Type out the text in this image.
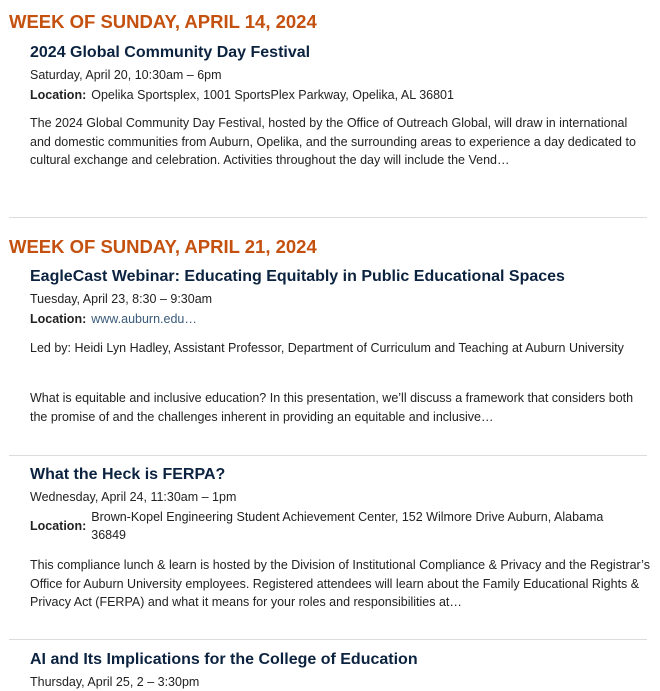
WEEK OF SUNDAY, APRIL 14, 2024
2024 Global Community Day Festival
Saturday, April 20, 10:30am – 6pm
Location: Opelika Sportsplex, 1001 SportsPlex Parkway, Opelika, AL 36801

The 2024 Global Community Day Festival, hosted by the Office of Outreach Global, will draw in international and domestic communities from Auburn, Opelika, and the surrounding areas to experience a day dedicated to cultural exchange and celebration. Activities throughout the day will include the Vend…

WEEK OF SUNDAY, APRIL 21, 2024
EagleCast Webinar: Educating Equitably in Public Educational Spaces
Tuesday, April 23, 8:30 – 9:30am
Location: www.auburn.edu…

Led by: Heidi Lyn Hadley, Assistant Professor, Department of Curriculum and Teaching at Auburn University

What is equitable and inclusive education? In this presentation, we’ll discuss a framework that considers both the promise of and the challenges inherent in providing an equitable and inclusive…

What the Heck is FERPA?
Wednesday, April 24, 11:30am – 1pm
Location:
Brown-Kopel Engineering Student Achievement Center, 152 Wilmore Drive Auburn, Alabama 36849

This compliance lunch & learn is hosted by the Division of Institutional Compliance & Privacy and the Registrar’s Office for Auburn University employees. Registered attendees will learn about the Family Educational Rights & Privacy Act (FERPA) and what it means for your roles and responsibilities at…

AI and Its Implications for the College of Education
Thursday, April 25, 2 – 3:30pm
